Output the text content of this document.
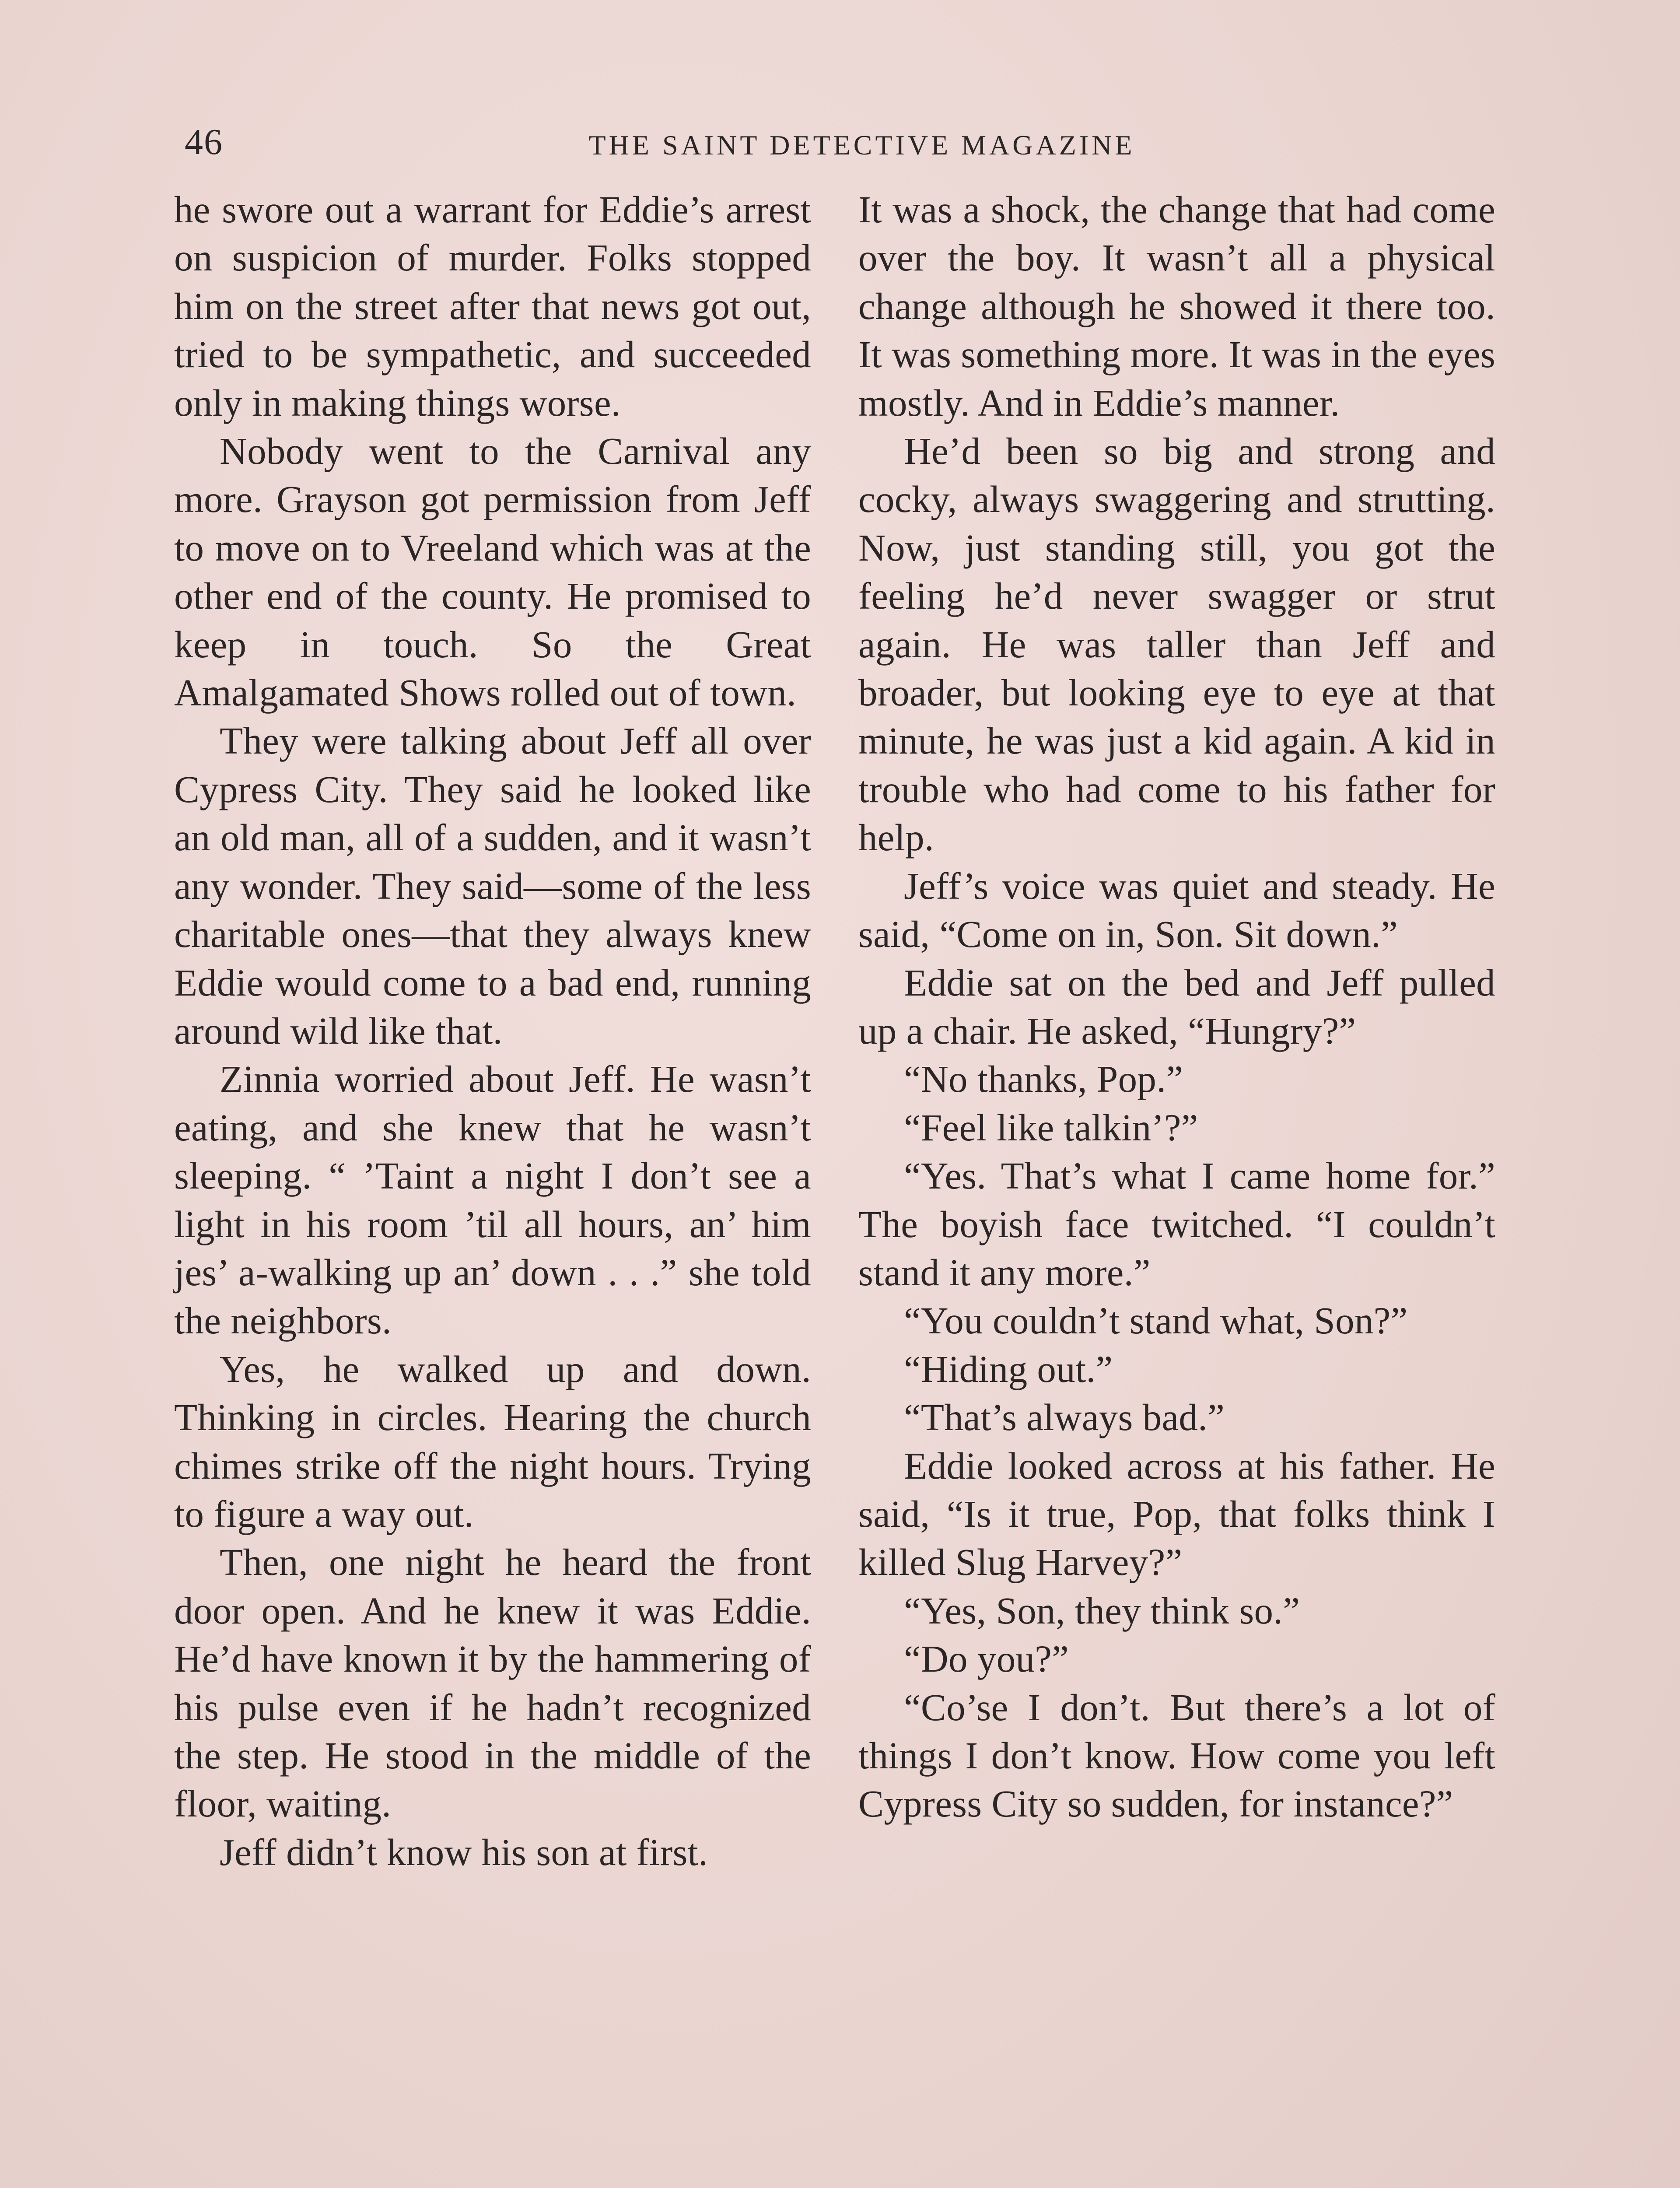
46	THE SAINT DETECTIVE MAGAZINE

he swore out a warrant for Eddie’s arrest on suspicion of murder. Folks stopped him on the street after that news got out, tried to be sympathetic, and succeeded only in making things worse.

Nobody went to the Carnival any more. Grayson got permission from Jeff to move on to Vreeland which was at the other end of the county. He promised to keep in touch. So the Great Amalgamated Shows rolled out of town.

They were talking about Jeff all over Cypress City. They said he looked like an old man, all of a sudden, and it wasn’t any wonder. They said—some of the less charitable ones—that they always knew Eddie would come to a bad end, running around wild like that.

Zinnia worried about Jeff. He wasn’t eating, and she knew that he wasn’t sleeping. “ ’Taint a night I don’t see a light in his room ’til all hours, an’ him jes’ a-walking up an’ down . . .” she told the neighbors.

Yes, he walked up and down. Thinking in circles. Hearing the church chimes strike off the night hours. Trying to figure a way out.

Then, one night he heard the front door open. And he knew it was Eddie. He’d have known it by the hammering of his pulse even if he hadn’t recognized the step. He stood in the middle of the floor, waiting.

Jeff didn’t know his son at first.

It was a shock, the change that had come over the boy. It wasn’t all a physical change although he showed it there too. It was something more. It was in the eyes mostly. And in Eddie’s manner.

He’d been so big and strong and cocky, always swaggering and strutting. Now, just standing still, you got the feeling he’d never swagger or strut again. He was taller than Jeff and broader, but looking eye to eye at that minute, he was just a kid again. A kid in trouble who had come to his father for help.

Jeff’s voice was quiet and steady. He said, “Come on in, Son. Sit down.”

Eddie sat on the bed and Jeff pulled up a chair. He asked, “Hungry?”

“No thanks, Pop.”

“Feel like talkin’?”

“Yes. That’s what I came home for.” The boyish face twitched. “I couldn’t stand it any more.”

“You couldn’t stand what, Son?”

“Hiding out.”

“That’s always bad.”

Eddie looked across at his father. He said, “Is it true, Pop, that folks think I killed Slug Harvey?”

“Yes, Son, they think so.”

“Do you?”

“Co’se I don’t. But there’s a lot of things I don’t know. How come you left Cypress City so sudden, for instance?”
